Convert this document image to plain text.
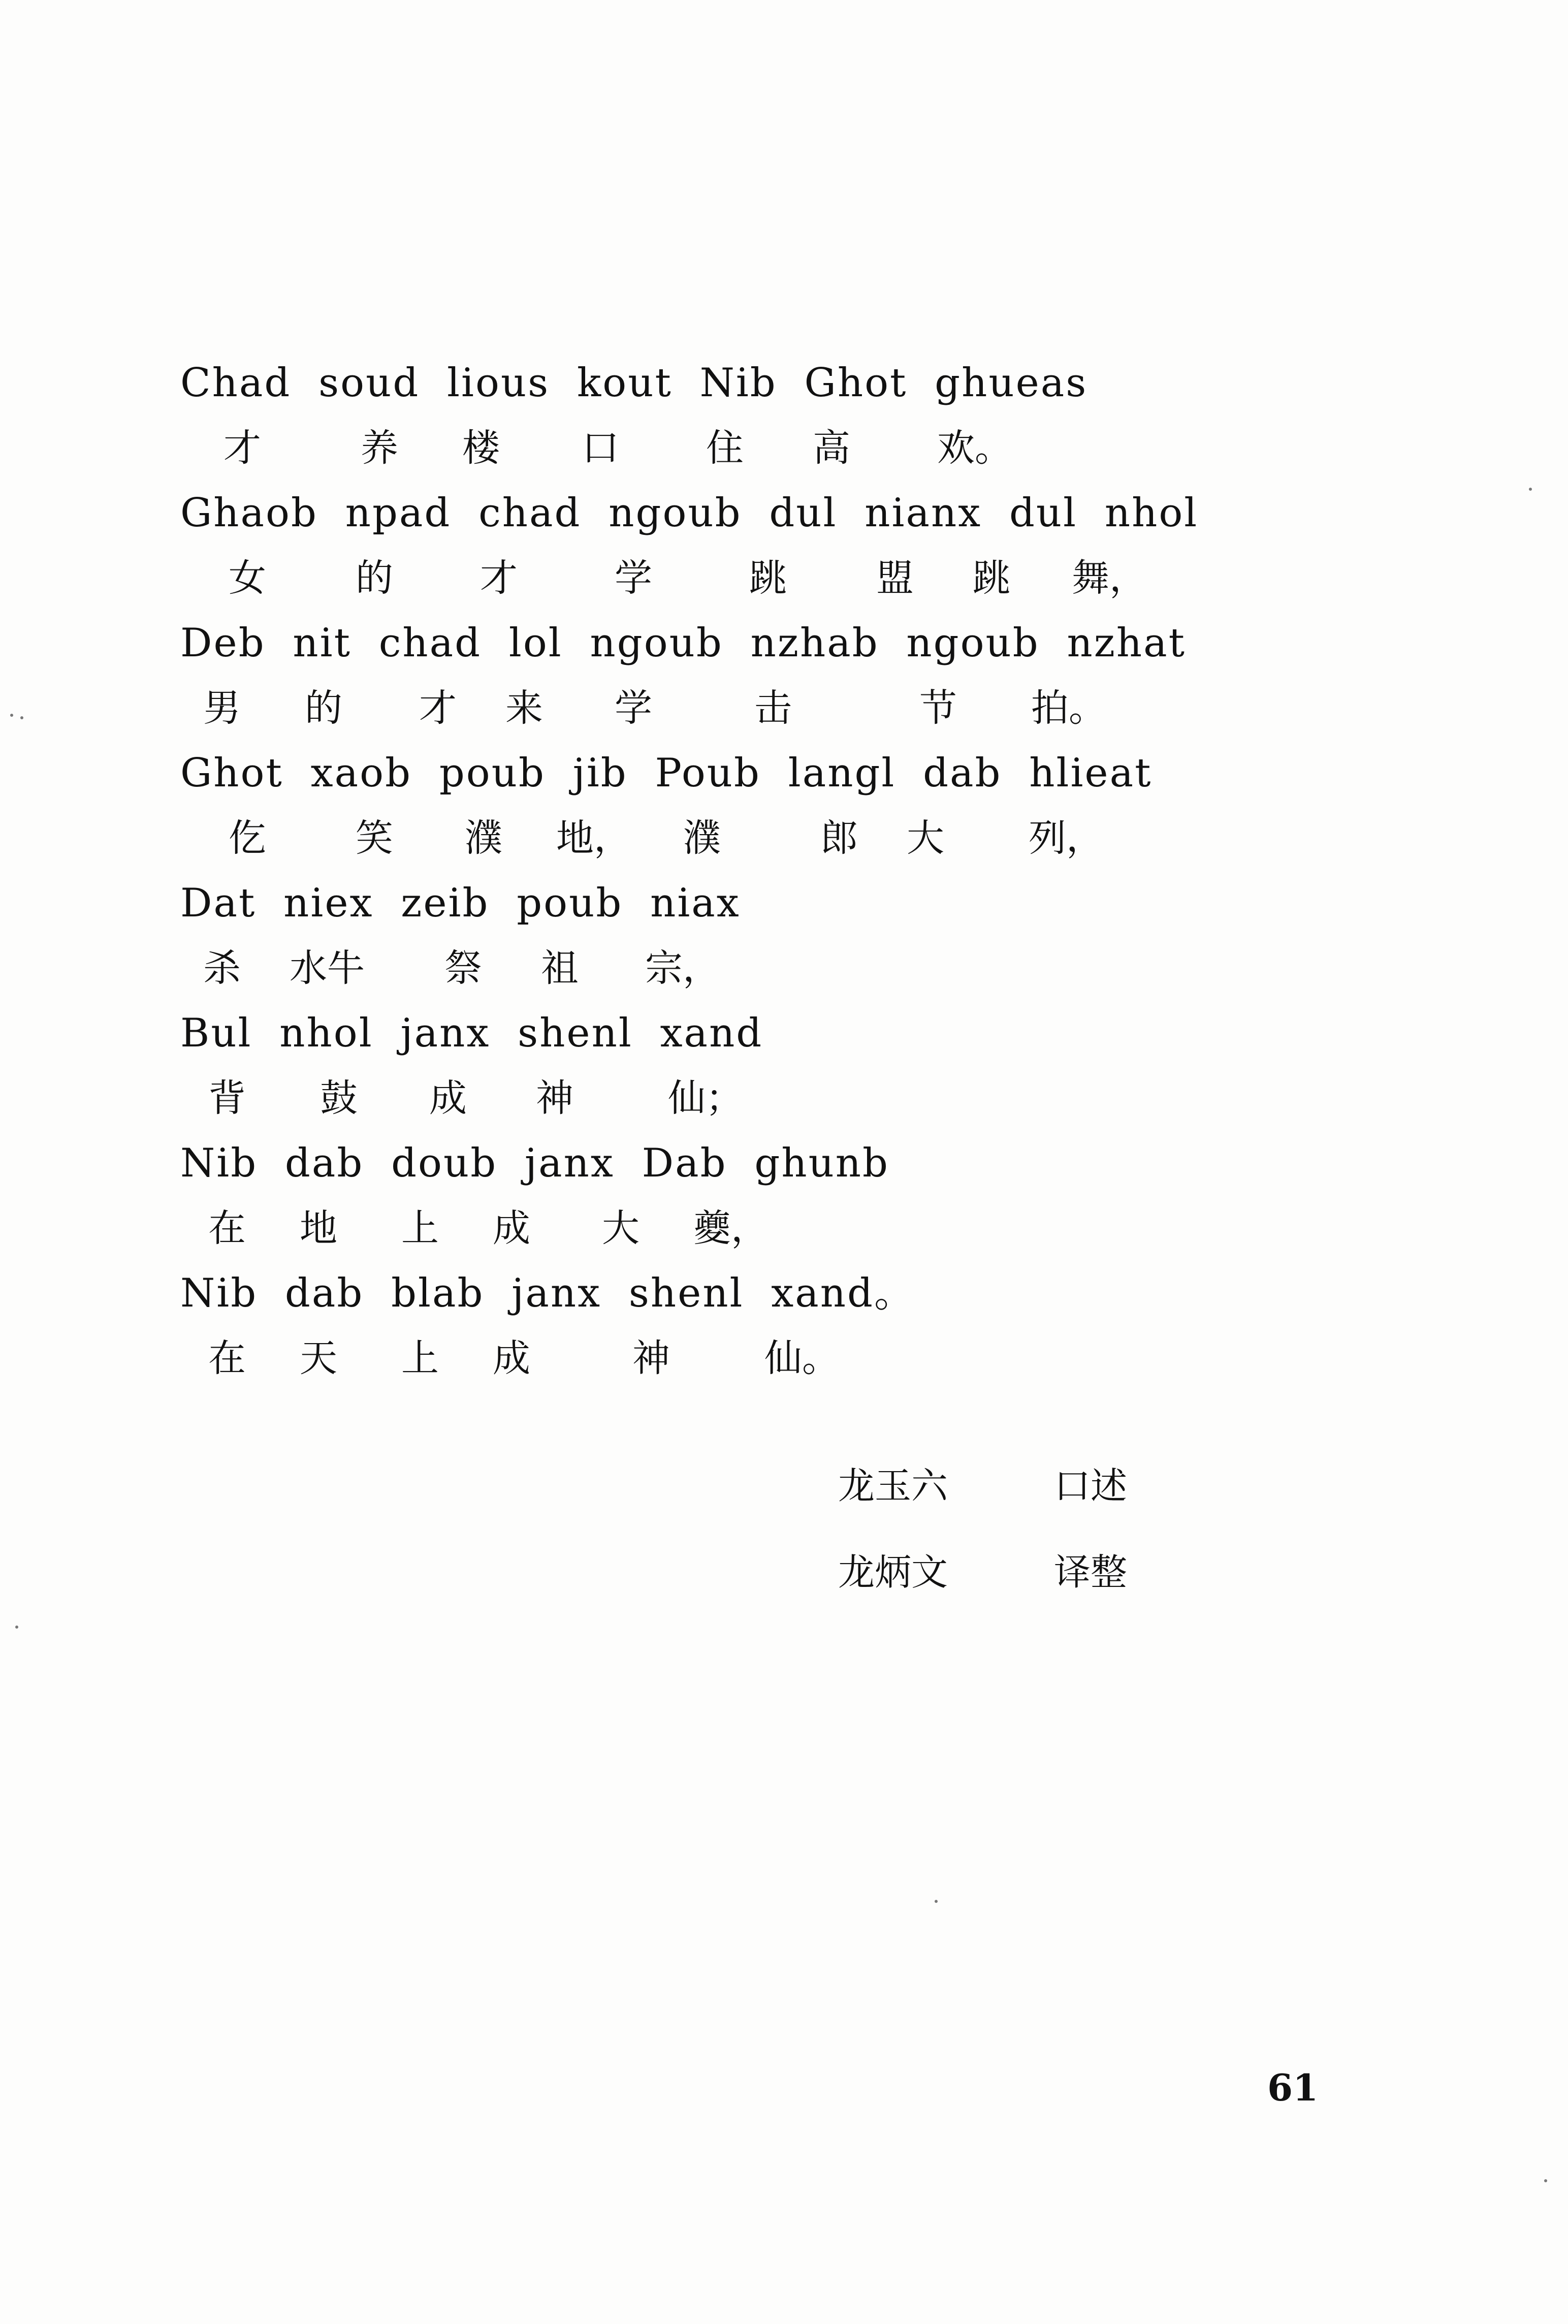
Chad soud lious kout Nib Ghot ghueas
才	养 楼 口 住 高 欢。
Ghaob npad chad ngoub dul nianx dul nhol
女 的 才	学	跳 盟 跳 舞，
Deb nit chad lol ngoub nzhab ngoub nzhat
男 的 才 来 学	击	节 拍。
Ghot xaob poub jib Poub langl dab hlieat
仡 笑 濮 地， 濮	郎 大 列，
Dat niex zeib poub niax
杀 水牛 祭 祖 宗，
Bul nhol janx shenl xand
背 鼓 成 神	仙；
Nib dab doub janx Dab ghunb
在 地 上 成 大 夔，
Nib dab blab janx shenl xand。
在 天 上 成	神	仙。
龙玉六	口述
龙炳文	译整
61
